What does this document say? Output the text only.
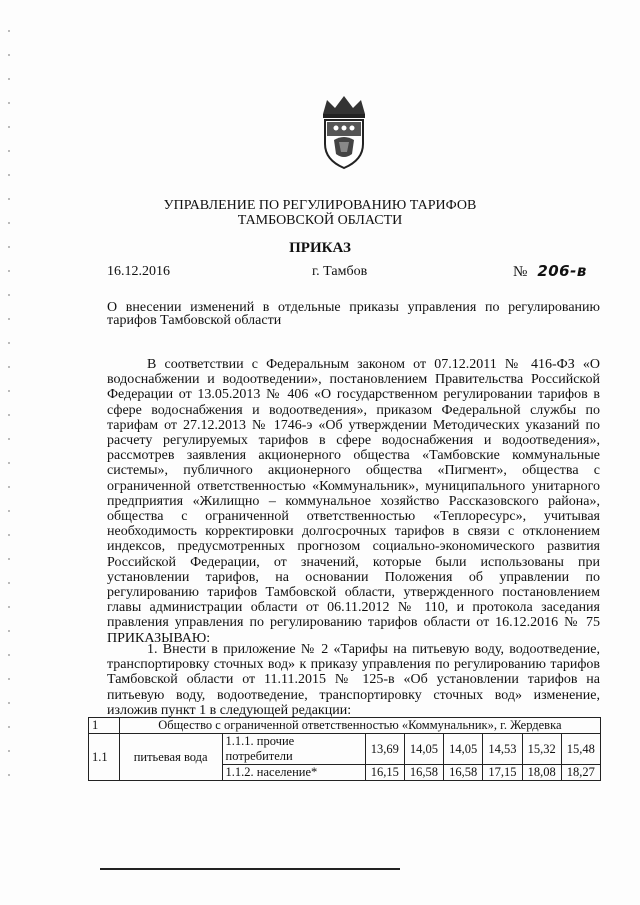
УПРАВЛЕНИЕ ПО РЕГУЛИРОВАНИЮ ТАРИФОВ
ТАМБОВСКОЙ ОБЛАСТИ
ПРИКАЗ
16.12.2016	г. Тамбов	№ 206-в
О внесении изменений в отдельные приказы управления по регулированию тарифов Тамбовской области

В соответствии с Федеральным законом от 07.12.2011 № 416-ФЗ «О водоснабжении и водоотведении», постановлением Правительства Российской Федерации от 13.05.2013 № 406 «О государственном регулировании тарифов в сфере водоснабжения и водоотведения», приказом Федеральной службы по тарифам от 27.12.2013 № 1746-э «Об утверждении Методических указаний по расчету регулируемых тарифов в сфере водоснабжения и водоотведения», рассмотрев заявления акционерного общества «Тамбовские коммунальные системы», публичного акционерного общества «Пигмент», общества с ограниченной ответственностью «Коммунальник», муниципального унитарного предприятия «Жилищно – коммунальное хозяйство Рассказовского района», общества с ограниченной ответственностью «Теплоресурс», учитывая необходимость корректировки долгосрочных тарифов в связи с отклонением индексов, предусмотренных прогнозом социально-экономического развития Российской Федерации, от значений, которые были использованы при установлении тарифов, на основании Положения об управлении по регулированию тарифов Тамбовской области, утвержденного постановлением главы администрации области от 06.11.2012 № 110, и протокола заседания правления управления по регулированию тарифов области от 16.12.2016 № 75 ПРИКАЗЫВАЮ:

1. Внести в приложение № 2 «Тарифы на питьевую воду, водоотведение, транспортировку сточных вод» к приказу управления по регулированию тарифов Тамбовской области от 11.11.2015 № 125-в «Об установлении тарифов на питьевую воду, водоотведение, транспортировку сточных вод» изменение, изложив пункт 1 в следующей редакции:

1	Общество с ограниченной ответственностью «Коммунальник», г. Жердевка							
1.1	питьевая вода	1.1.1. прочие потребители	13,69	14,05	14,05	14,53	15,32	15,48
		1.1.2. население*	16,15	16,58	16,58	17,15	18,08	18,27
